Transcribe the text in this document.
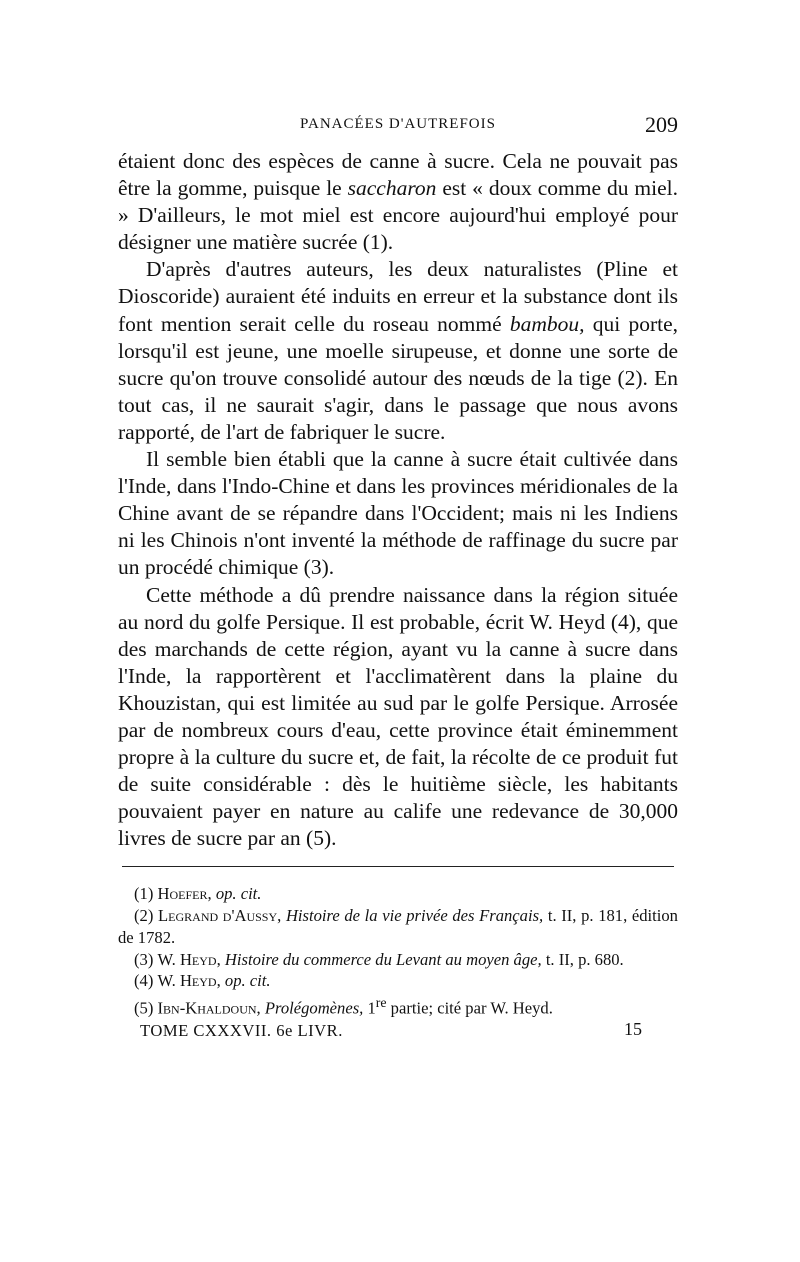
PANACÉES D'AUTREFOIS	209

étaient donc des espèces de canne à sucre. Cela ne pouvait pas être la gomme, puisque le saccharon est « doux comme du miel. » D'ailleurs, le mot miel est encore aujourd'hui employé pour désigner une matière sucrée (1).

D'après d'autres auteurs, les deux naturalistes (Pline et Dioscoride) auraient été induits en erreur et la substance dont ils font mention serait celle du roseau nommé bambou, qui porte, lorsqu'il est jeune, une moelle sirupeuse, et donne une sorte de sucre qu'on trouve consolidé autour des nœuds de la tige (2). En tout cas, il ne saurait s'agir, dans le passage que nous avons rapporté, de l'art de fabriquer le sucre.

Il semble bien établi que la canne à sucre était cultivée dans l'Inde, dans l'Indo-Chine et dans les provinces méridionales de la Chine avant de se répandre dans l'Occident; mais ni les Indiens ni les Chinois n'ont inventé la méthode de raffinage du sucre par un procédé chimique (3).

Cette méthode a dû prendre naissance dans la région située au nord du golfe Persique. Il est probable, écrit W. Heyd (4), que des marchands de cette région, ayant vu la canne à sucre dans l'Inde, la rapportèrent et l'acclimatèrent dans la plaine du Khouzistan, qui est limitée au sud par le golfe Persique. Arrosée par de nombreux cours d'eau, cette province était éminemment propre à la culture du sucre et, de fait, la récolte de ce produit fut de suite considérable : dès le huitième siècle, les habitants pouvaient payer en nature au calife une redevance de 30,000 livres de sucre par an (5).

(1) Hoefer, op. cit.

(2) Legrand d'Aussy, Histoire de la vie privée des Français, t. II, p. 181, édition de 1782.

(3) W. Heyd, Histoire du commerce du Levant au moyen âge, t. II, p. 680.

(4) W. Heyd, op. cit.

(5) Ibn-Khaldoun, Prolégomènes, 1re partie; cité par W. Heyd.

TOME CXXXVII. 6e LIVR.	15
